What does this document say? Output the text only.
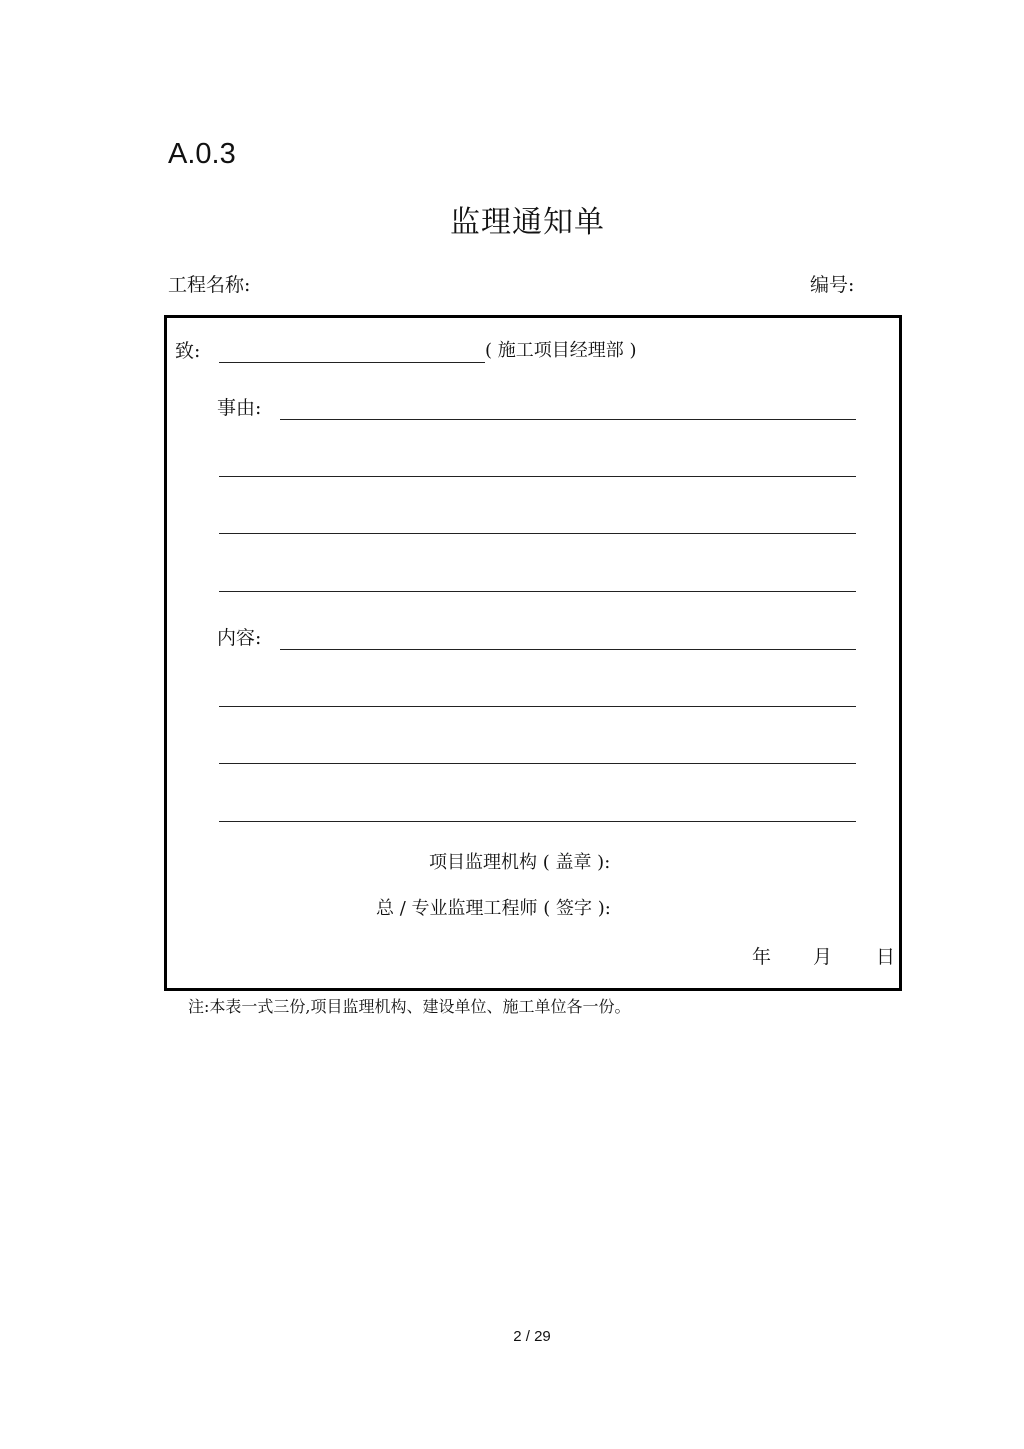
A.0.3
监理通知单
工程名称:	编号:
致:	( 施工项目经理部 )
事由:
内容:
项目监理机构 ( 盖章 ):
总 / 专业监理工程师 ( 签字 ):
年 月 日
注:本表一式三份,项目监理机构、建设单位、施工单位各一份。
2 / 29
